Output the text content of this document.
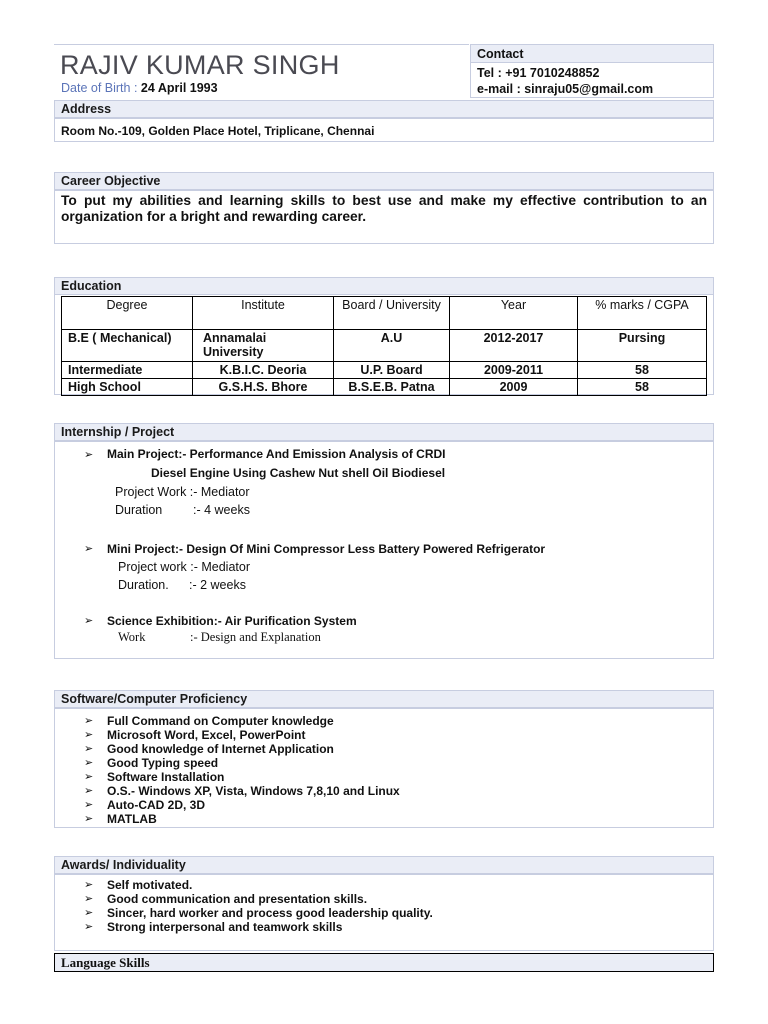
RAJIV KUMAR SINGH
Date of Birth : 24 April 1993
Contact
Tel : +91 7010248852
e-mail : sinraju05@gmail.com
Address
Room No.-109, Golden Place Hotel, Triplicane, Chennai
Career Objective
To put my abilities and learning skills to best use and make my effective contribution to an
organization for a bright and rewarding career.
Education
Degree	Institute	Board / University	Year	% marks / CGPA
B.E ( Mechanical)	Annamalai University	A.U	2012-2017	Pursing
Intermediate	K.B.I.C. Deoria	U.P. Board	2009-2011	58
High School	G.S.H.S. Bhore	B.S.E.B. Patna	2009	58
Internship / Project
➢ Main Project:- Performance And Emission Analysis of CRDI
Diesel Engine Using Cashew Nut shell Oil Biodiesel
Project Work :- Mediator
Duration :- 4 weeks
➢ Mini Project:- Design Of Mini Compressor Less Battery Powered Refrigerator
Project work :- Mediator
Duration. :- 2 weeks
➢ Science Exhibition:- Air Purification System
Work	:- Design and Explanation
Software/Computer Proficiency
➢ Full Command on Computer knowledge
➢ Microsoft Word, Excel, PowerPoint
➢ Good knowledge of Internet Application
➢ Good Typing speed
➢ Software Installation
➢ O.S.- Windows XP, Vista, Windows 7,8,10 and Linux
➢ Auto-CAD 2D, 3D
➢ MATLAB
Awards/ Individuality
➢ Self motivated.
➢ Good communication and presentation skills.
➢ Sincer, hard worker and process good leadership quality.
➢ Strong interpersonal and teamwork skills
Language Skills
